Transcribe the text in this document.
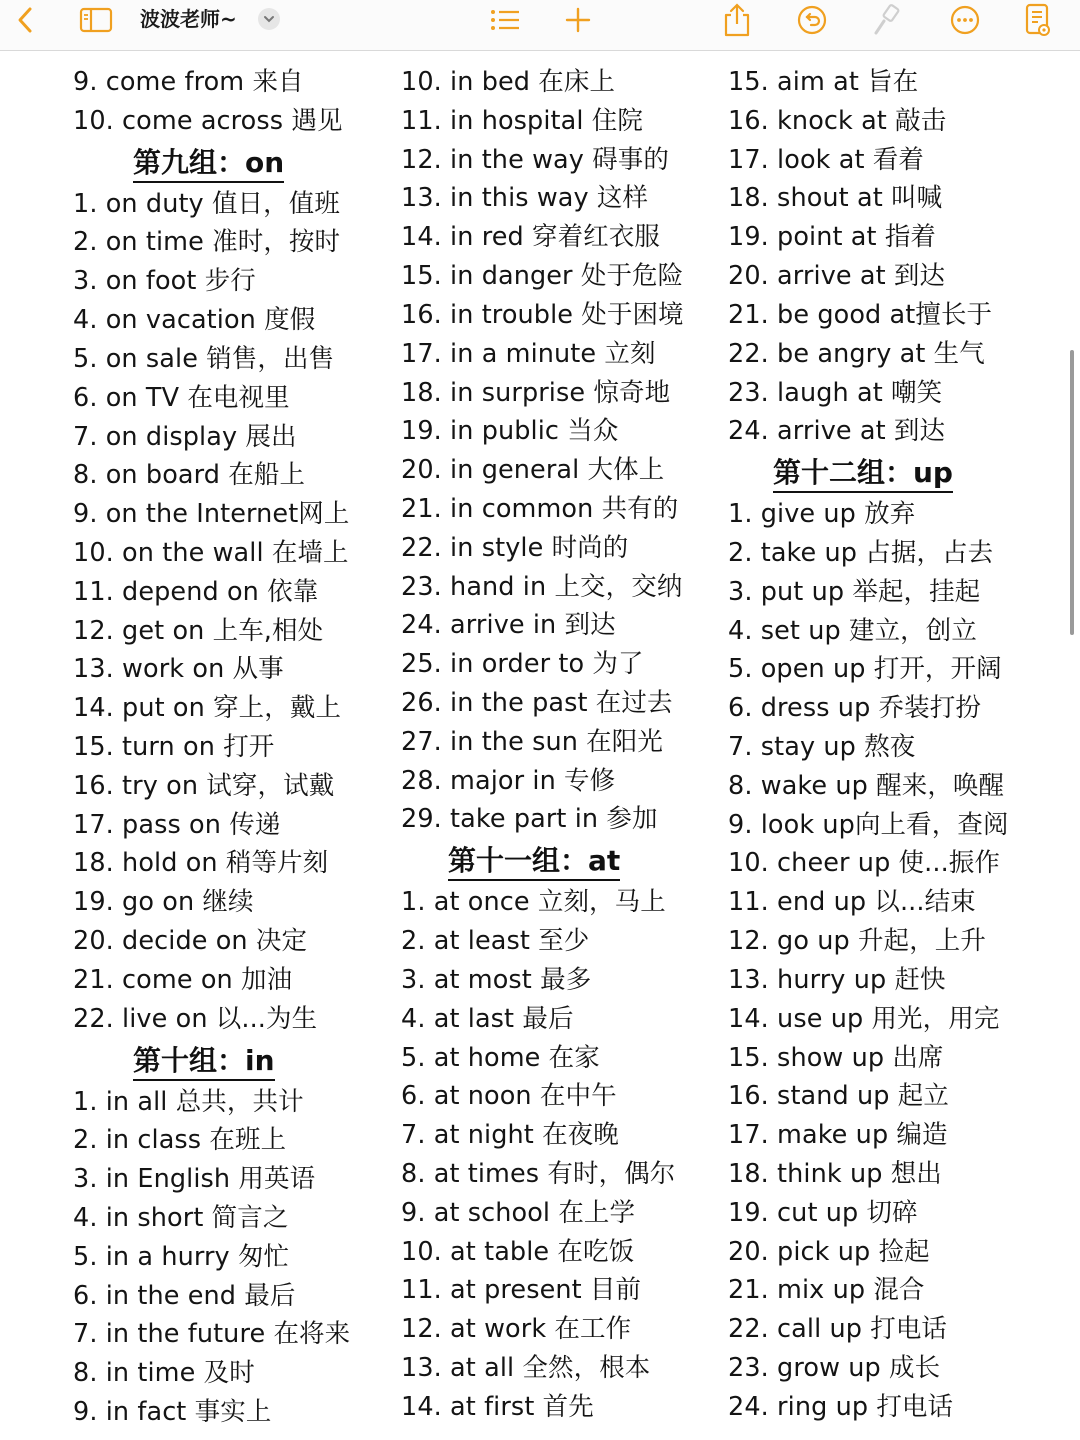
波波老师~
9. come from 来自
10. come across 遇见
第九组：on
1. on duty 值日，值班
2. on time 准时，按时
3. on foot 步行
4. on vacation 度假
5. on sale 销售，出售
6. on TV 在电视里
7. on display 展出
8. on board 在船上
9. on the Internet网上
10. on the wall 在墙上
11. depend on 依靠
12. get on 上车,相处
13. work on 从事
14. put on 穿上，戴上
15. turn on 打开
16. try on 试穿，试戴
17. pass on 传递
18. hold on 稍等片刻
19. go on 继续
20. decide on 决定
21. come on 加油
22. live on 以...为生
第十组：in
1. in all 总共，共计
2. in class 在班上
3. in English 用英语
4. in short 简言之
5. in a hurry 匆忙
6. in the end 最后
7. in the future 在将来
8. in time 及时
9. in fact 事实上
10. in bed 在床上
11. in hospital 住院
12. in the way 碍事的
13. in this way 这样
14. in red 穿着红衣服
15. in danger 处于危险
16. in trouble 处于困境
17. in a minute 立刻
18. in surprise 惊奇地
19. in public 当众
20. in general 大体上
21. in common 共有的
22. in style 时尚的
23. hand in 上交，交纳
24. arrive in 到达
25. in order to 为了
26. in the past 在过去
27. in the sun 在阳光
28. major in 专修
29. take part in 参加
第十一组：at
1. at once 立刻，马上
2. at least 至少
3. at most 最多
4. at last 最后
5. at home 在家
6. at noon 在中午
7. at night 在夜晚
8. at times 有时，偶尔
9. at school 在上学
10. at table 在吃饭
11. at present 目前
12. at work 在工作
13. at all 全然，根本
14. at first 首先
15. aim at 旨在
16. knock at 敲击
17. look at 看着
18. shout at 叫喊
19. point at 指着
20. arrive at 到达
21. be good at擅长于
22. be angry at 生气
23. laugh at 嘲笑
24. arrive at 到达
第十二组：up
1. give up 放弃
2. take up 占据，占去
3. put up 举起，挂起
4. set up 建立，创立
5. open up 打开，开阔
6. dress up 乔装打扮
7. stay up 熬夜
8. wake up 醒来，唤醒
9. look up向上看，查阅
10. cheer up 使...振作
11. end up 以...结束
12. go up 升起，上升
13. hurry up 赶快
14. use up 用光，用完
15. show up 出席
16. stand up 起立
17. make up 编造
18. think up 想出
19. cut up 切碎
20. pick up 捡起
21. mix up 混合
22. call up 打电话
23. grow up 成长
24. ring up 打电话
